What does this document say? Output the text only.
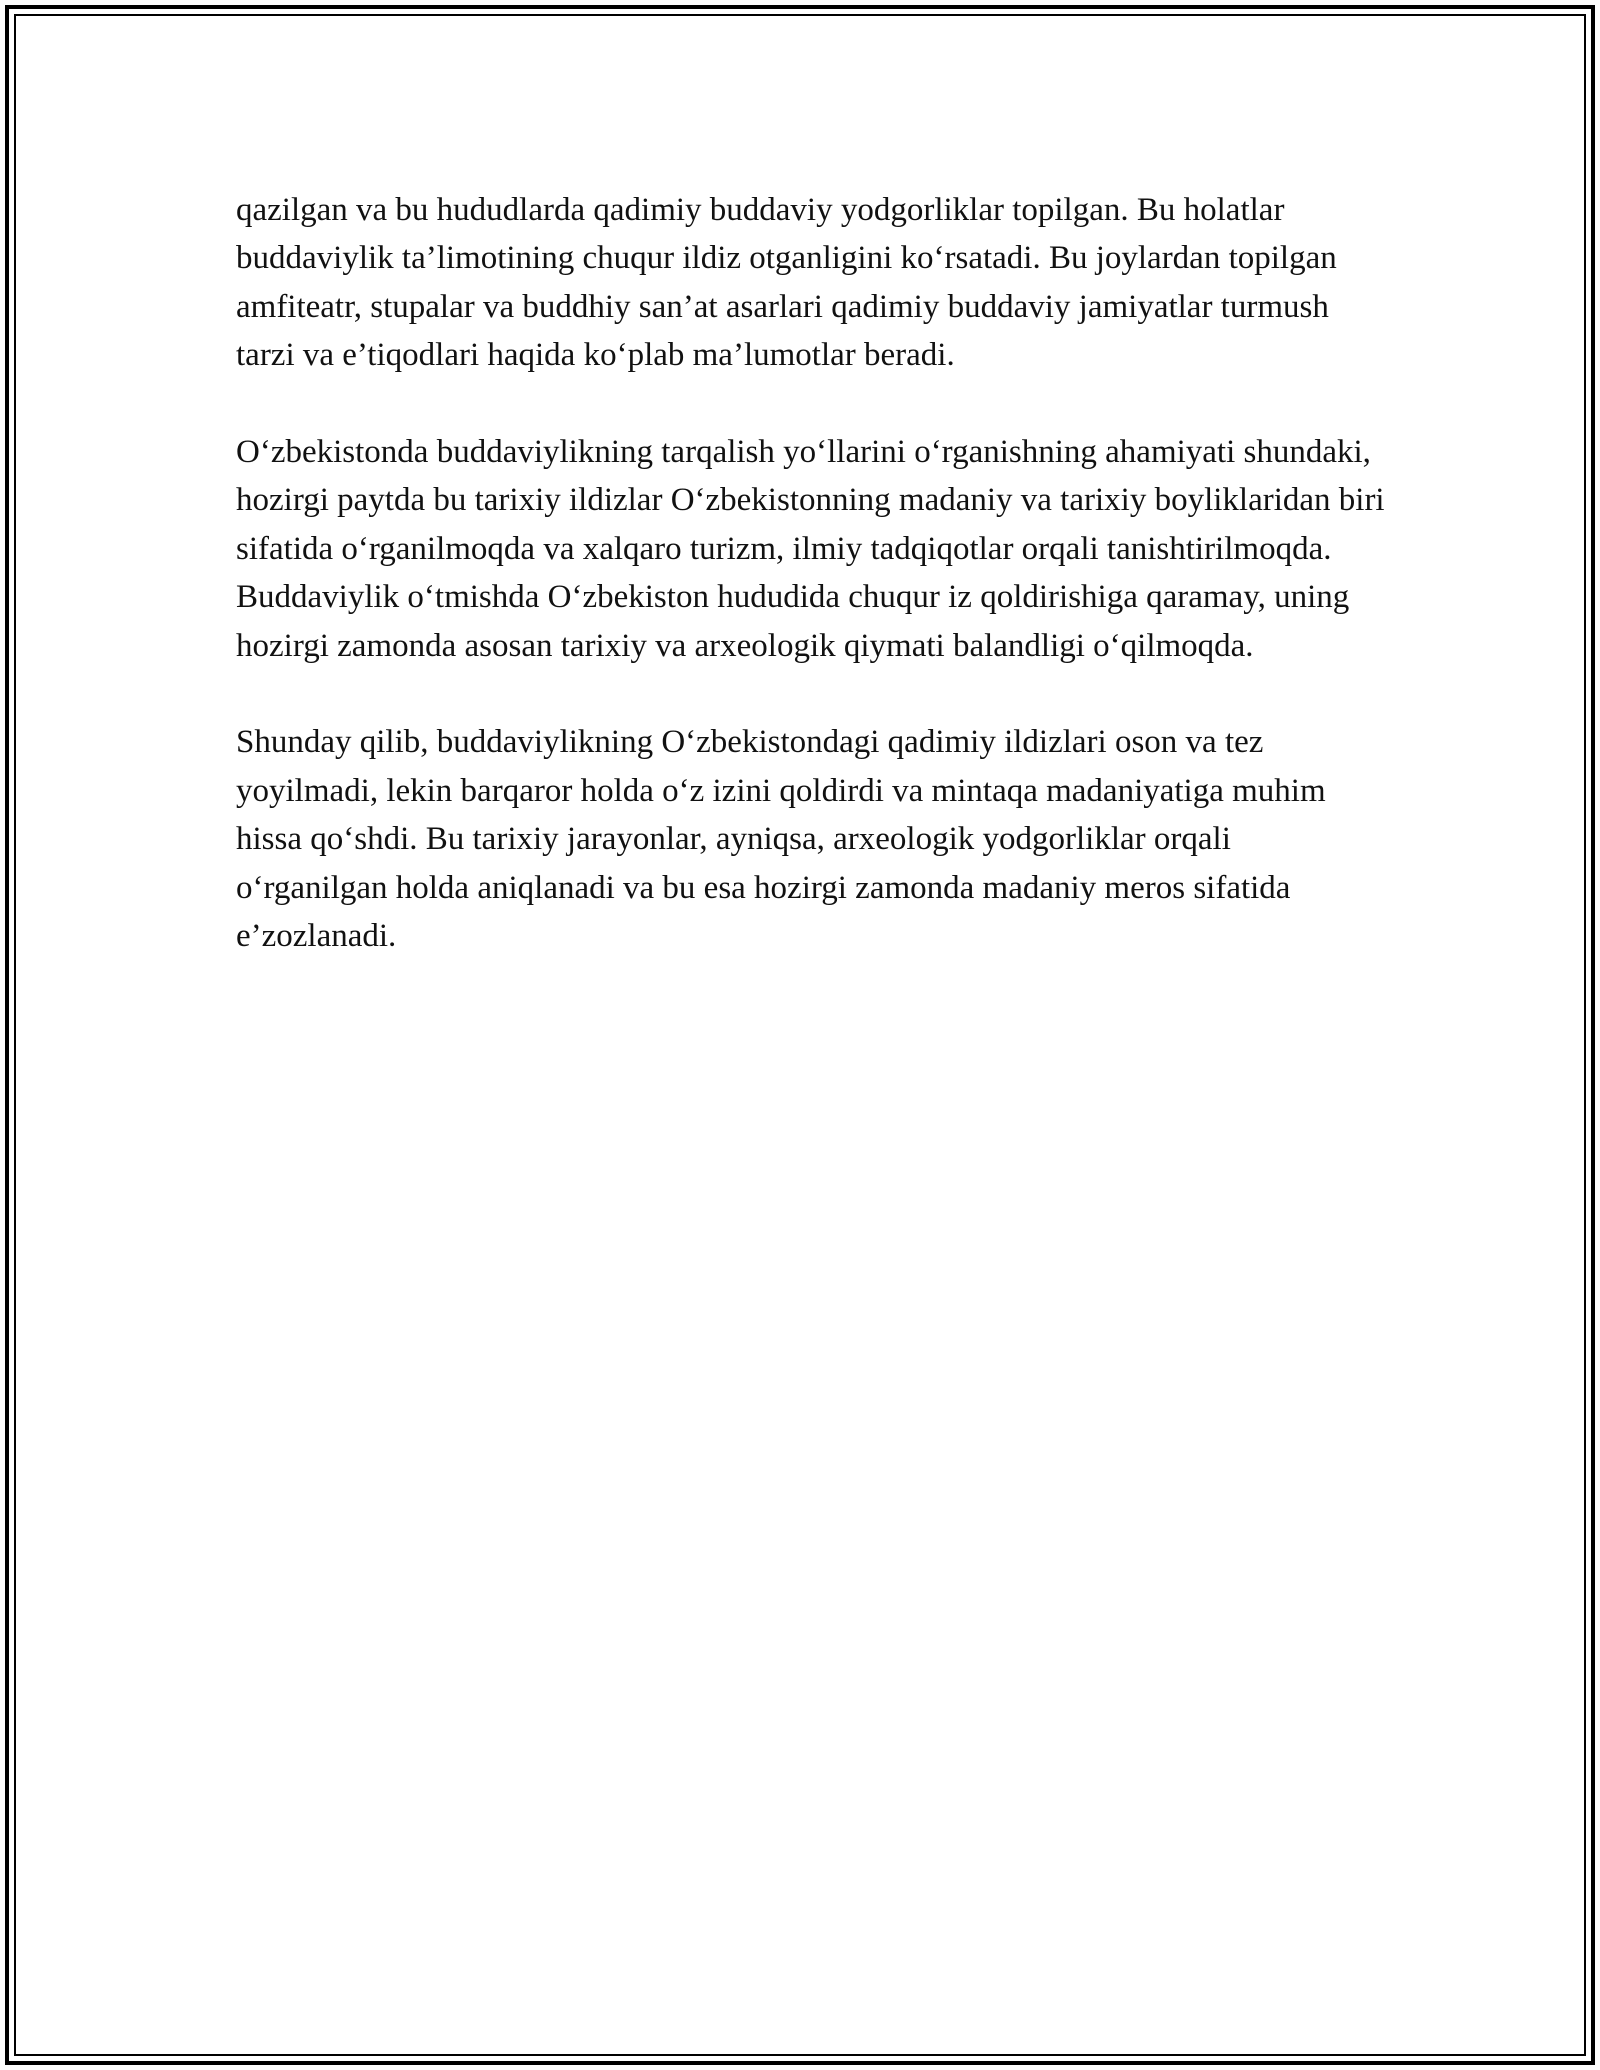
qazilgan va bu hududlarda qadimiy buddaviy yodgorliklar topilgan. Bu holatlar buddaviylik ta’limotining chuqur ildiz otganligini ko‘rsatadi. Bu joylardan topilgan amfiteatr, stupalar va buddhiy san’at asarlari qadimiy buddaviy jamiyatlar turmush tarzi va e’tiqodlari haqida ko‘plab ma’lumotlar beradi.

O‘zbekistonda buddaviylikning tarqalish yo‘llarini o‘rganishning ahamiyati shundaki, hozirgi paytda bu tarixiy ildizlar O‘zbekistonning madaniy va tarixiy boyliklaridan biri sifatida o‘rganilmoqda va xalqaro turizm, ilmiy tadqiqotlar orqali tanishtirilmoqda. Buddaviylik o‘tmishda O‘zbekiston hududida chuqur iz qoldirishiga qaramay, uning hozirgi zamonda asosan tarixiy va arxeologik qiymati balandligi o‘qilmoqda.

Shunday qilib, buddaviylikning O‘zbekistondagi qadimiy ildizlari oson va tez yoyilmadi, lekin barqaror holda o‘z izini qoldirdi va mintaqa madaniyatiga muhim hissa qo‘shdi. Bu tarixiy jarayonlar, ayniqsa, arxeologik yodgorliklar orqali o‘rganilgan holda aniqlanadi va bu esa hozirgi zamonda madaniy meros sifatida e’zozlanadi.
